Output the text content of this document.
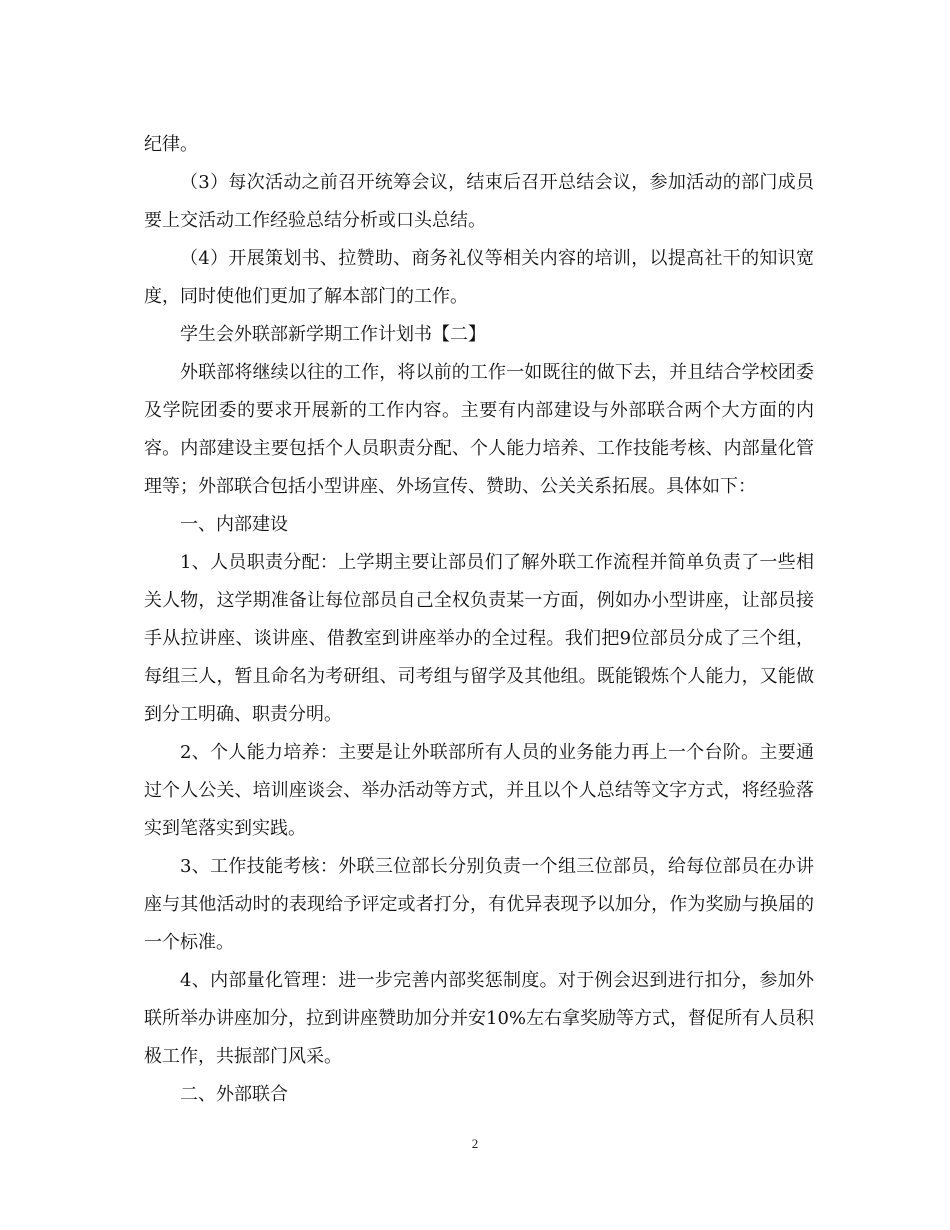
纪律。

（3）每次活动之前召开统筹会议，结束后召开总结会议，参加活动的部门成员要上交活动工作经验总结分析或口头总结。

（4）开展策划书、拉赞助、商务礼仪等相关内容的培训，以提高社干的知识宽度，同时使他们更加了解本部门的工作。

学生会外联部新学期工作计划书【二】

外联部将继续以往的工作，将以前的工作一如既往的做下去，并且结合学校团委及学院团委的要求开展新的工作内容。主要有内部建设与外部联合两个大方面的内容。内部建设主要包括个人员职责分配、个人能力培养、工作技能考核、内部量化管理等；外部联合包括小型讲座、外场宣传、赞助、公关关系拓展。具体如下：

一、内部建设

1、人员职责分配：上学期主要让部员们了解外联工作流程并简单负责了一些相关人物，这学期准备让每位部员自己全权负责某一方面，例如办小型讲座，让部员接手从拉讲座、谈讲座、借教室到讲座举办的全过程。我们把9位部员分成了三个组，每组三人，暂且命名为考研组、司考组与留学及其他组。既能锻炼个人能力，又能做到分工明确、职责分明。

2、个人能力培养：主要是让外联部所有人员的业务能力再上一个台阶。主要通过个人公关、培训座谈会、举办活动等方式，并且以个人总结等文字方式，将经验落实到笔落实到实践。

3、工作技能考核：外联三位部长分别负责一个组三位部员，给每位部员在办讲座与其他活动时的表现给予评定或者打分，有优异表现予以加分，作为奖励与换届的一个标准。

4、内部量化管理：进一步完善内部奖惩制度。对于例会迟到进行扣分，参加外联所举办讲座加分，拉到讲座赞助加分并安10%左右拿奖励等方式，督促所有人员积极工作，共振部门风采。

二、外部联合

2
